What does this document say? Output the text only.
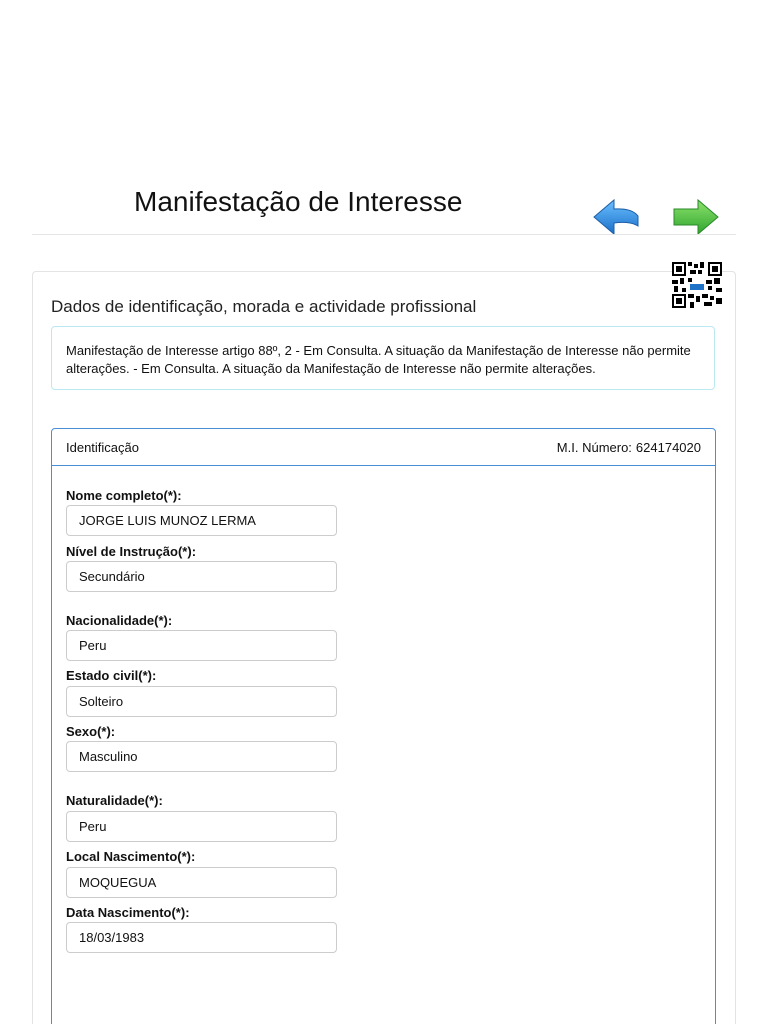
Manifestação de Interesse
Dados de identificação, morada e actividade profissional
Manifestação de Interesse artigo 88º, 2 - Em Consulta. A situação da Manifestação de Interesse não permite alterações. - Em Consulta. A situação da Manifestação de Interesse não permite alterações.
Identificação	M.I. Número: 624174020
Nome completo(*):
JORGE LUIS MUNOZ LERMA
Nível de Instrução(*):
Secundário
Nacionalidade(*):
Peru
Estado civil(*):
Solteiro
Sexo(*):
Masculino
Naturalidade(*):
Peru
Local Nascimento(*):
MOQUEGUA
Data Nascimento(*):
18/03/1983
